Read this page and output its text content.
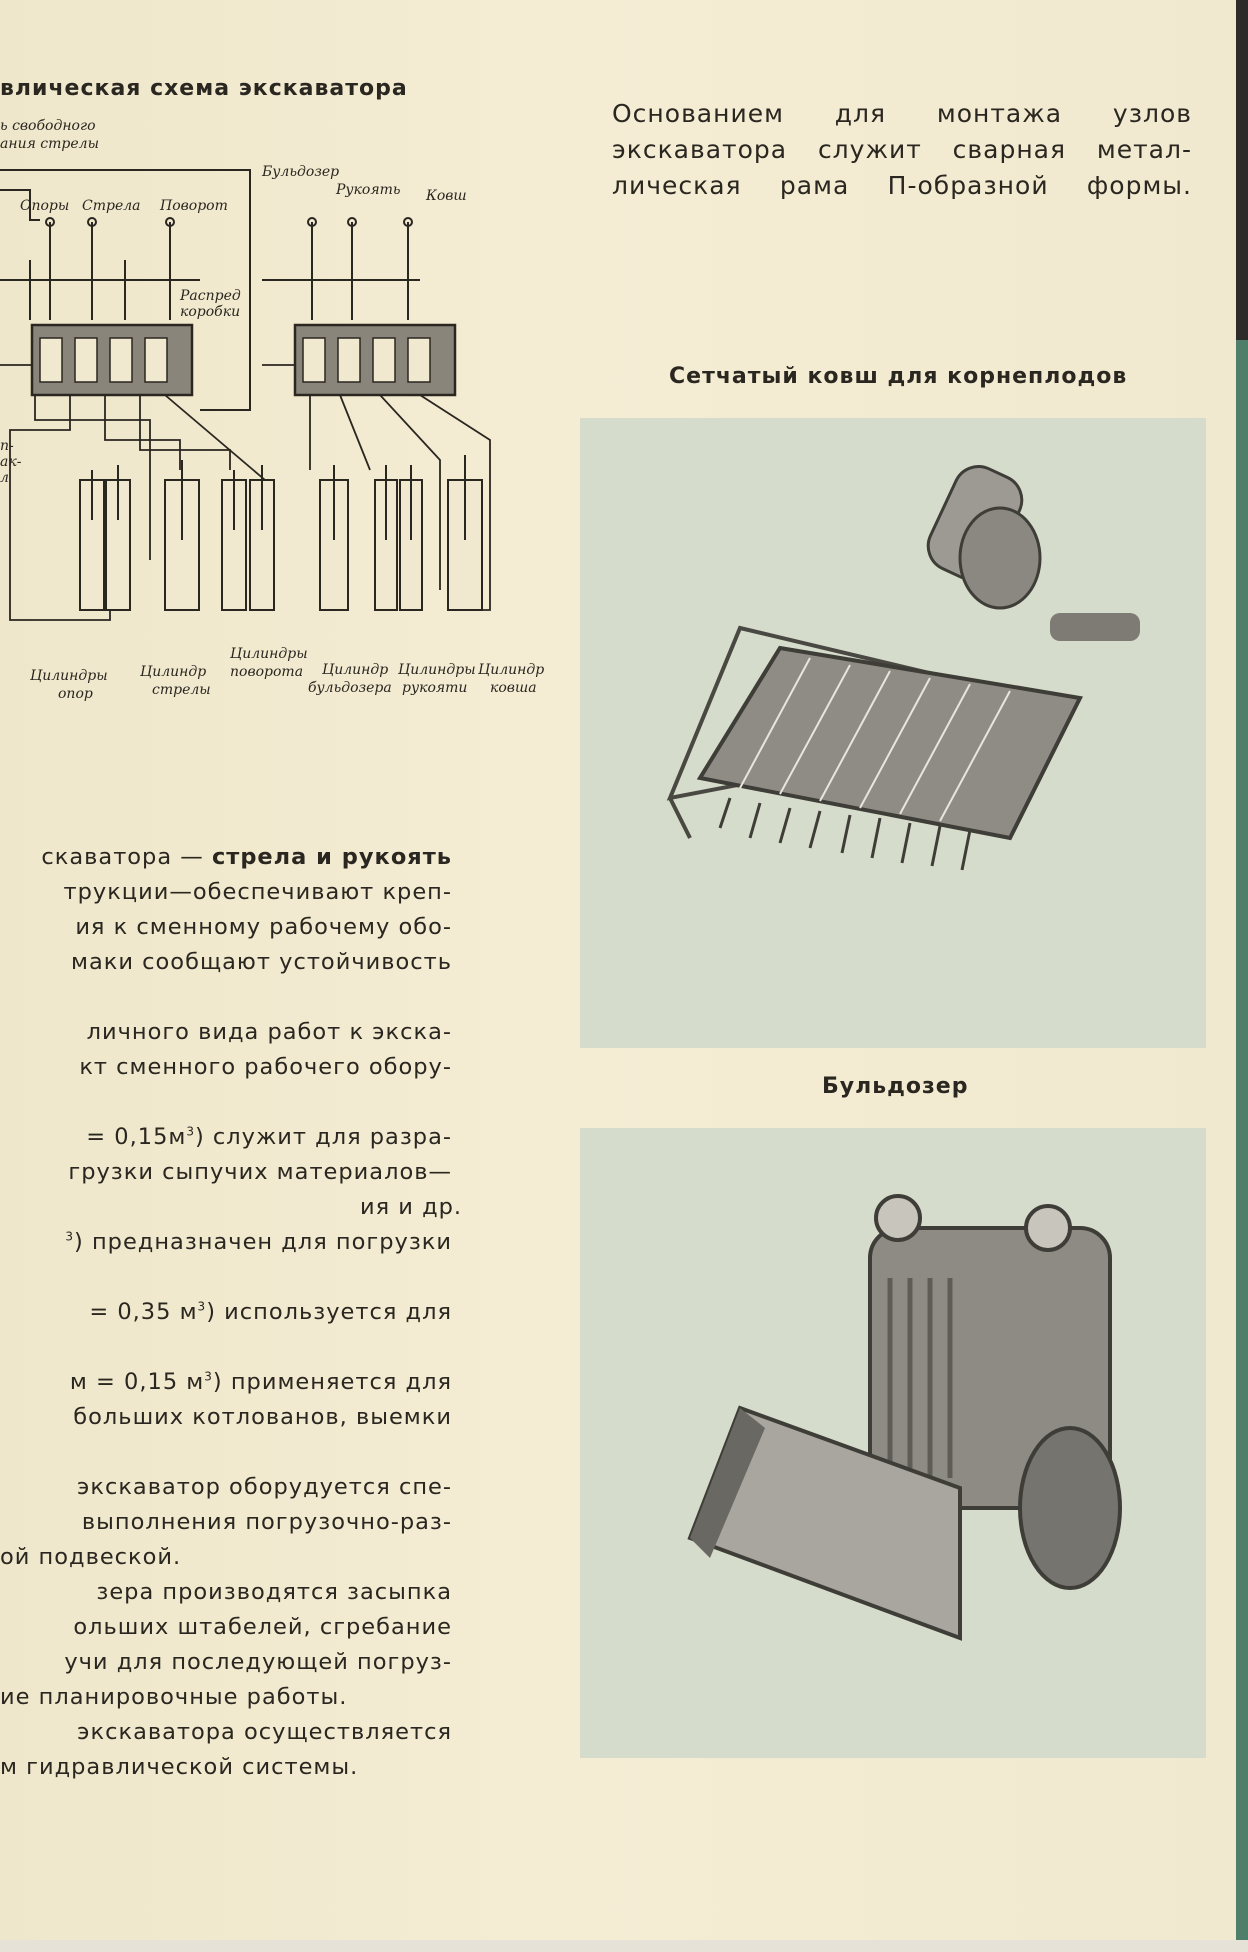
влическая схема экскаватора
ь свободного
ания стрелы
Опоры Стрела Поворот
Бульдозер
Рукоять Ковш
Распред
коробки
п-
ак-
л
Цилиндры
опор
Цилиндр
стрелы
Цилиндры
поворота Цилиндр
бульдозера
Цилиндры
рукояти
Цилиндр
ковша
Основанием для монтажа узлов
экскаватора служит сварная метал-
лическая рама П-образной формы.
Сетчатый ковш для корнеплодов
Бульдозер
скаватора — стрела и рукоять
трукции—обеспечивают креп-
ия к сменному рабочему обо-
маки сообщают устойчивость
личного вида работ к экска-
кт сменного рабочего обору-
= $0,15м^3$) служит для разра-
грузки сыпучих материалов—
ия и др.
$^3$) предназначен для погрузки
= 0,35 $м^3$) используется для
м = 0,15 $м^3$) применяется для
больших котлованов, выемки
экскаватор оборудуется спе-
выполнения погрузочно-раз-
ой подвеской.
зера производятся засыпка
ольших штабелей, сгребание
учи для последующей погруз-
ие планировочные работы.
экскаватора осуществляется
м гидравлической системы.
